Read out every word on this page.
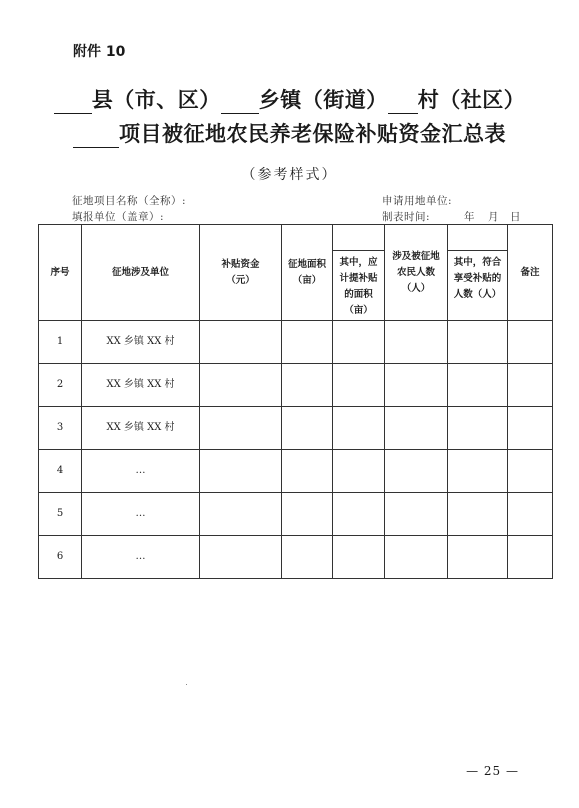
附件 10
县（市、区） 乡镇（街道） 村（社区）
项目被征地农民养老保险补贴资金汇总表
（参考样式）
征地项目名称（全称）:	申请用地单位:
填报单位（盖章）:	制表时间:	年 月 日
序号	征地涉及单位	补贴资金（元）	征地面积（亩）		涉及被征地农民人数（人）		备注
				其中，应计提补贴的面积（亩）		其中，符合享受补贴的人数（人）	
1	XX 乡镇 XX 村						
2	XX 乡镇 XX 村						
3	XX 乡镇 XX 村						
4	…						
5	…						
6	…						
— 25 —
